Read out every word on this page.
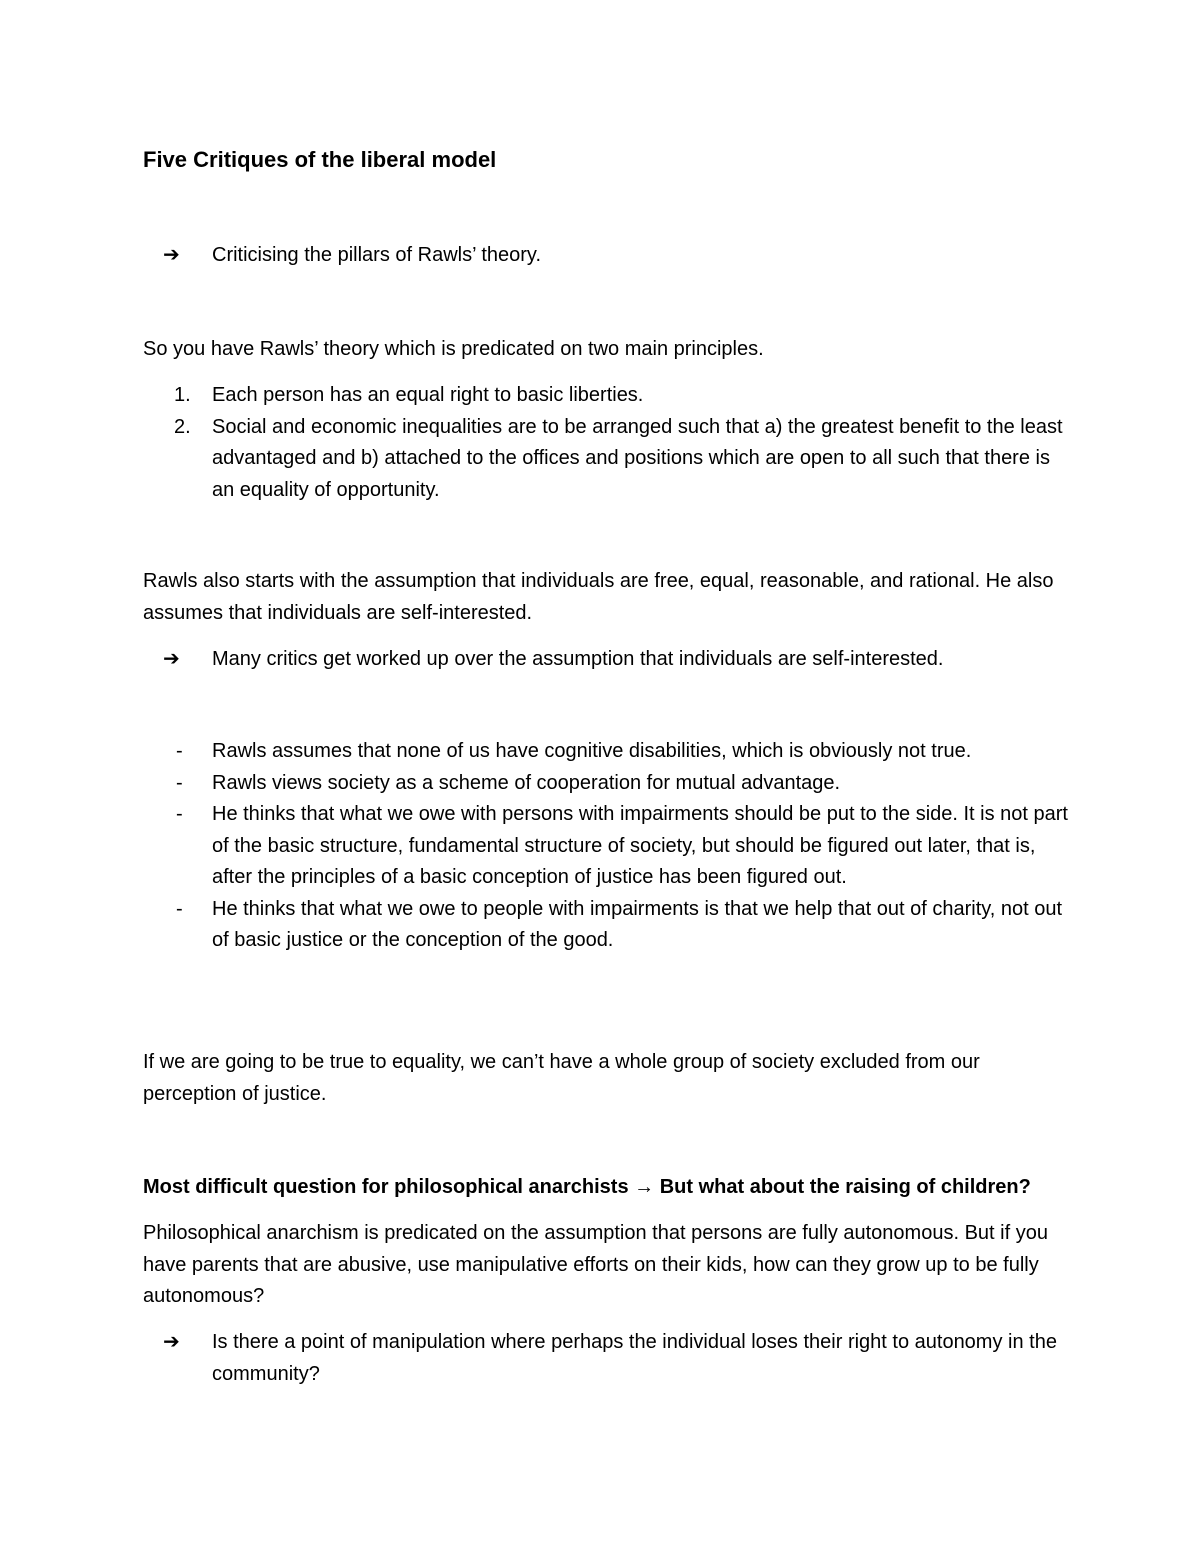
Five Critiques of the liberal model
➔ Criticising the pillars of Rawls’ theory.

So you have Rawls’ theory which is predicated on two main principles.

1. Each person has an equal right to basic liberties.
2. Social and economic inequalities are to be arranged such that a) the greatest benefit to the least advantaged and b) attached to the offices and positions which are open to all such that there is an equality of opportunity.

Rawls also starts with the assumption that individuals are free, equal, reasonable, and rational. He also assumes that individuals are self-interested.

➔ Many critics get worked up over the assumption that individuals are self-interested.
- Rawls assumes that none of us have cognitive disabilities, which is obviously not true.
- Rawls views society as a scheme of cooperation for mutual advantage.
- He thinks that what we owe with persons with impairments should be put to the side. It is not part of the basic structure, fundamental structure of society, but should be figured out later, that is, after the principles of a basic conception of justice has been figured out.
- He thinks that what we owe to people with impairments is that we help that out of charity, not out of basic justice or the conception of the good.

If we are going to be true to equality, we can’t have a whole group of society excluded from our perception of justice.

Most difficult question for philosophical anarchists → But what about the raising of children?

Philosophical anarchism is predicated on the assumption that persons are fully autonomous. But if you have parents that are abusive, use manipulative efforts on their kids, how can they grow up to be fully autonomous?

➔ Is there a point of manipulation where perhaps the individual loses their right to autonomy in the community?
